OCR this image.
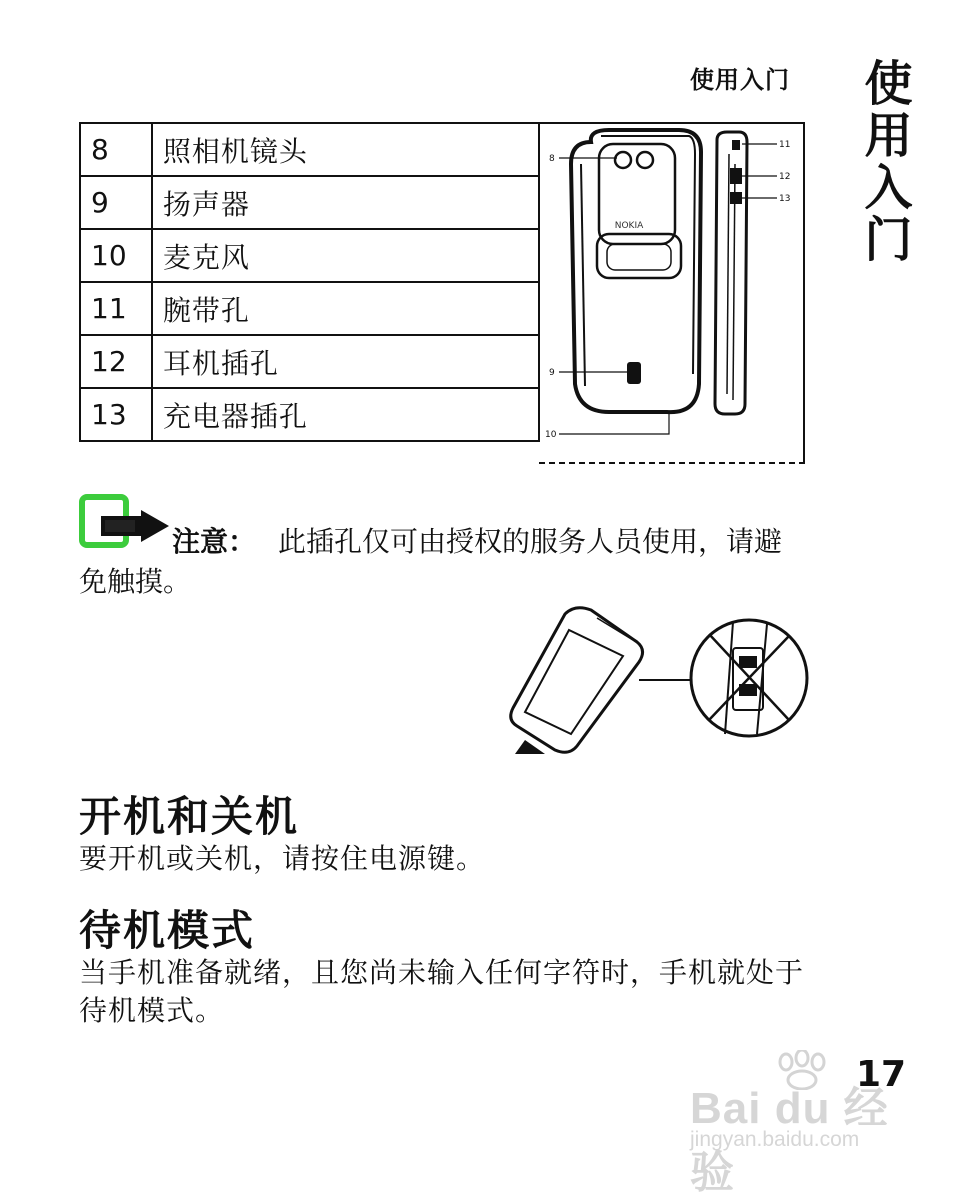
使用入门 使用入门
8	照相机镜头
9	扬声器
10	麦克风
11	腕带孔
12	耳机插孔
13	充电器插孔
NOKIA
8
9
10
11
12
13
注意： 此插孔仅可由授权的服务人员使用，请避免触摸。
开机和关机
要开机或关机，请按住电源键。
待机模式
当手机准备就绪，且您尚未输入任何字符时，手机就处于待机模式。
Bai du 经验
jingyan.baidu.com
17
